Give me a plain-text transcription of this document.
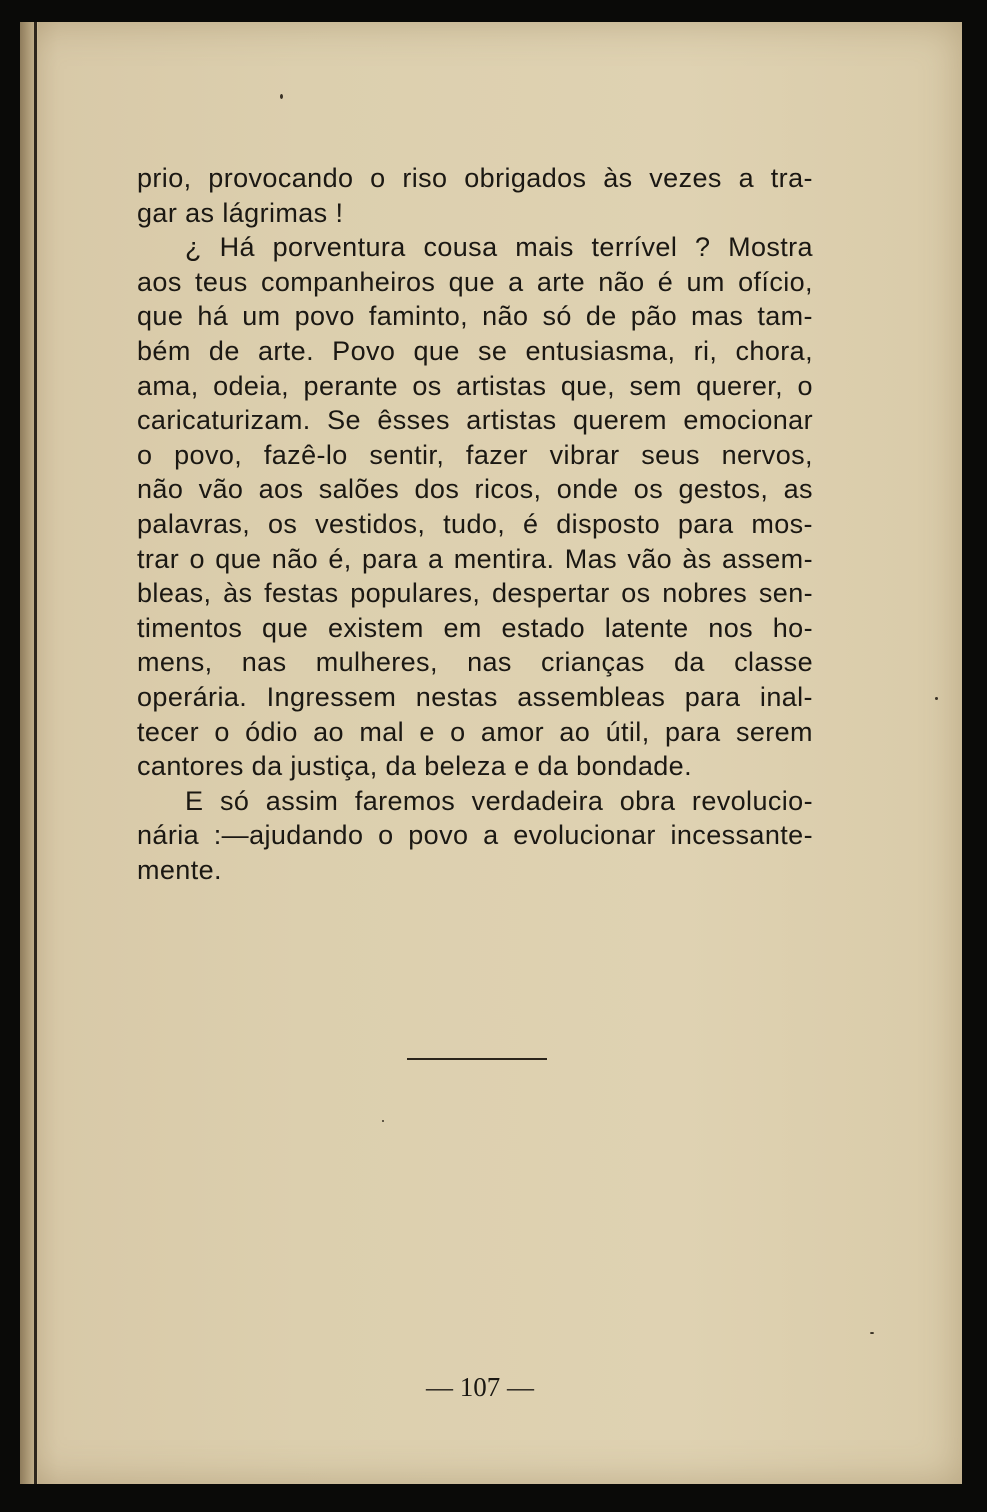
prio, provocando o riso obrigados às vezes a tra-
gar as lágrimas !
¿ Há porventura cousa mais terrível ? Mostra
aos teus companheiros que a arte não é um ofício,
que há um povo faminto, não só de pão mas tam-
bém de arte. Povo que se entusiasma, ri, chora,
ama, odeia, perante os artistas que, sem querer, o
caricaturizam. Se êsses artistas querem emocionar
o povo, fazê-lo sentir, fazer vibrar seus nervos,
não vão aos salões dos ricos, onde os gestos, as
palavras, os vestidos, tudo, é disposto para mos-
trar o que não é, para a mentira. Mas vão às assem-
bleas, às festas populares, despertar os nobres sen-
timentos que existem em estado latente nos ho-
mens, nas mulheres, nas crianças da classe
operária. Ingressem nestas assembleas para inal-
tecer o ódio ao mal e o amor ao útil, para serem
cantores da justiça, da beleza e da bondade.
E só assim faremos verdadeira obra revolucio-
nária :—ajudando o povo a evolucionar incessante-
mente.
— 107 —
